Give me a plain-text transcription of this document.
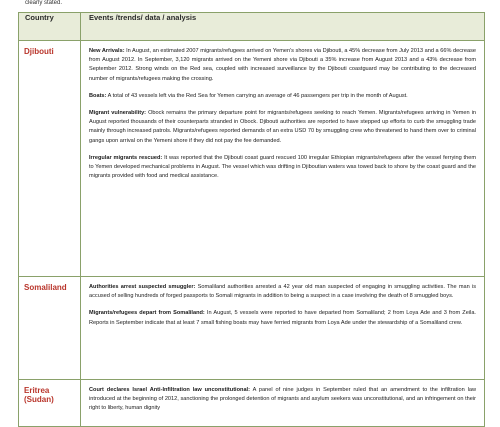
clearly stated.
Country	Events /trends/ data / analysis
Djibouti	New Arrivals: In August, an estimated 2007 migrants/refugees arrived on Yemen's shores via Djibouti, a 45% decrease from July 2013 and a 66% decrease from August 2012. In September, 3,120 migrants arrived on the Yemeni shore via Djibouti a 35% increase from August 2013 and a 43% decrease from September 2012. Strong winds on the Red sea, coupled with increased surveillance by the Djibouti coastguard may be contributing to the decreased number of migrants/refugees making the crossing.

Boats: A total of 43 vessels left via the Red Sea for Yemen carrying an average of 46 passengers per trip in the month of August.

Migrant vulnerability: Obock remains the primary departure point for migrants/refugees seeking to reach Yemen. Migrants/refugees arriving in Yemen in August reported thousands of their counterparts stranded in Obock. Djibouti authorities are reported to have stepped up efforts to curb the smuggling trade mainly through increased patrols. Migrants/refugees reported demands of an extra USD 70 by smuggling crew who threatened to hand them over to criminal gangs upon arrival on the Yemeni shore if they did not pay the fee demanded.

Irregular migrants rescued: It was reported that the Djibouti coast guard rescued 100 irregular Ethiopian migrants/refugees after the vessel ferrying them to Yemen developed mechanical problems in August. The vessel which was drifting in Djiboutian waters was towed back to shore by the coast guard and the migrants provided with food and medical assistance.

Somaliland	Authorities arrest suspected smuggler: Somaliland authorities arrested a 42 year old man suspected of engaging in smuggling activities. The man is accused of selling hundreds of forged passports to Somali migrants in addition to being a suspect in a case involving the death of 8 smuggled boys.

Migrants/refugees depart from Somaliland: In August, 5 vessels were reported to have departed from Somaliland; 2 from Loya Ade and 3 from Zeila. Reports in September indicate that at least 7 small fishing boats may have ferried migrants from Loya Ade under the stewardship of a Somaliland crew.

Eritrea
(Sudan)	Court declares Israel Anti-Infiltration law unconstitutional: A panel of nine judges in September ruled that an amendment to the infiltration law introduced at the beginning of 2012, sanctioning the prolonged detention of migrants and asylum seekers was unconstitutional, and an infringement on their right to liberty, human dignity
